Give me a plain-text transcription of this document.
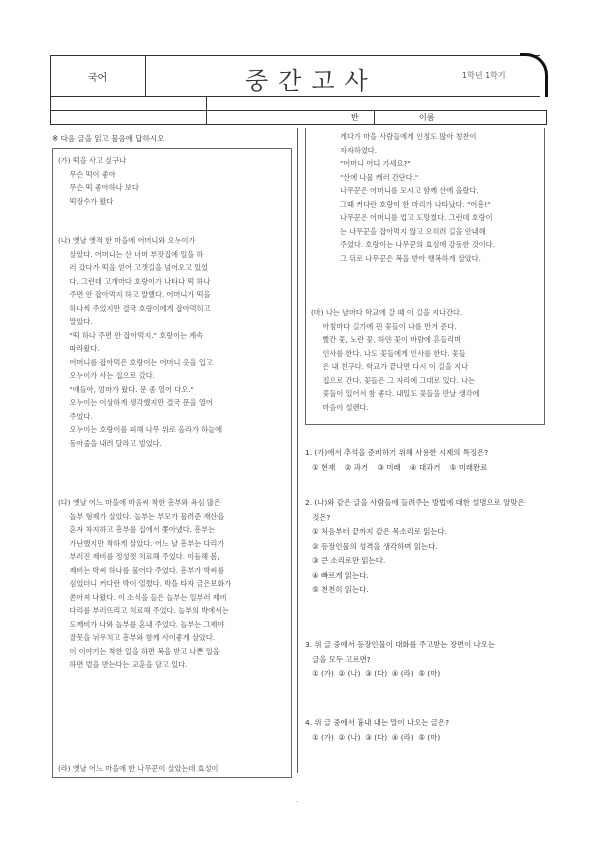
국어	중간고사	1학년 1학기
반	이름
※ 다음 글을 읽고 물음에 답하시오
(가) 떡을 사고 싶구나
무슨 떡이 좋아
무슨 떡 좋아하나 보다
떡장수가 왔다
(나) 옛날 옛적 한 마을에 어머니와 오누이가
살았다. 어머니는 산 너머 부잣집에 일을 하
러 갔다가 떡을 얻어 고갯길을 넘어오고 있었
다. 그런데 고개마다 호랑이가 나타나 떡 하나
주면 안 잡아먹지 하고 말했다. 어머니가 떡을
하나씩 주었지만 결국 호랑이에게 잡아먹히고
말았다.
"떡 하나 주면 안 잡아먹지." 호랑이는 계속
따라왔다.
어머니를 잡아먹은 호랑이는 어머니 옷을 입고
오누이가 사는 집으로 갔다.
"얘들아, 엄마가 왔다. 문 좀 열어 다오."
오누이는 이상하게 생각했지만 결국 문을 열어
주었다.
오누이는 호랑이를 피해 나무 위로 올라가 하늘에
동아줄을 내려 달라고 빌었다.
(다) 옛날 어느 마을에 마음씨 착한 흥부와 욕심 많은
놀부 형제가 살았다. 놀부는 부모가 물려준 재산을
혼자 차지하고 흥부를 집에서 쫓아냈다. 흥부는
가난했지만 착하게 살았다. 어느 날 흥부는 다리가
부러진 제비를 정성껏 치료해 주었다. 이듬해 봄,
제비는 박씨 하나를 물어다 주었다. 흥부가 박씨를
심었더니 커다란 박이 열렸다. 박을 타자 금은보화가
쏟아져 나왔다. 이 소식을 들은 놀부는 일부러 제비
다리를 부러뜨리고 치료해 주었다. 놀부의 박에서는
도깨비가 나와 놀부를 혼내 주었다. 놀부는 그제야
잘못을 뉘우치고 흥부와 함께 사이좋게 살았다.
이 이야기는 착한 일을 하면 복을 받고 나쁜 일을
하면 벌을 받는다는 교훈을 담고 있다.
(라) 옛날 어느 마을에 한 나무꾼이 살았는데 효성이
게다가 마을 사람들에게 인정도 많아 칭찬이
자자하였다.
"어머니 어디 가세요?"
"산에 나물 캐러 간단다."
나무꾼은 어머니를 모시고 함께 산에 올랐다.
그때 커다란 호랑이 한 마리가 나타났다. "어흥!"
나무꾼은 어머니를 업고 도망쳤다. 그런데 호랑이
는 나무꾼을 잡아먹지 않고 오히려 길을 안내해
주었다. 호랑이는 나무꾼의 효심에 감동한 것이다.
그 뒤로 나무꾼은 복을 받아 행복하게 살았다.
(마) 나는 날마다 학교에 갈 때 이 길을 지나간다.
아침마다 길가에 핀 꽃들이 나를 반겨 준다.
빨간 꽃, 노란 꽃, 하얀 꽃이 바람에 흔들리며
인사를 한다. 나도 꽃들에게 인사를 한다. 꽃들
은 내 친구다. 학교가 끝나면 다시 이 길을 지나
집으로 간다. 꽃들은 그 자리에 그대로 있다. 나는
꽃들이 있어서 참 좋다. 내일도 꽃들을 만날 생각에
마음이 설렌다.
1. (가)에서 추석을 준비하기 위해 사용한 시제의 특징은?
① 현재    ② 과거    ③ 미래    ④ 대과거    ⑤ 미래완료
2. (나)와 같은 글을 사람들에 들려주는 방법에 대한 설명으로 알맞은
것은?
① 처음부터 끝까지 같은 목소리로 읽는다.
② 등장인물의 성격을 생각하며 읽는다.
③ 큰 소리로만 읽는다.
④ 빠르게 읽는다.
⑤ 천천히 읽는다.
3. 위 글 중에서 등장인물이 대화를 주고받는 장면이 나오는
글을 모두 고르면?
① (가)  ② (나)  ③ (다)  ④ (라)  ⑤ (마)
4. 위 글 중에서 흉내 내는 말이 나오는 글은?
① (가)  ② (나)  ③ (다)  ④ (라)  ⑤ (마)
-
